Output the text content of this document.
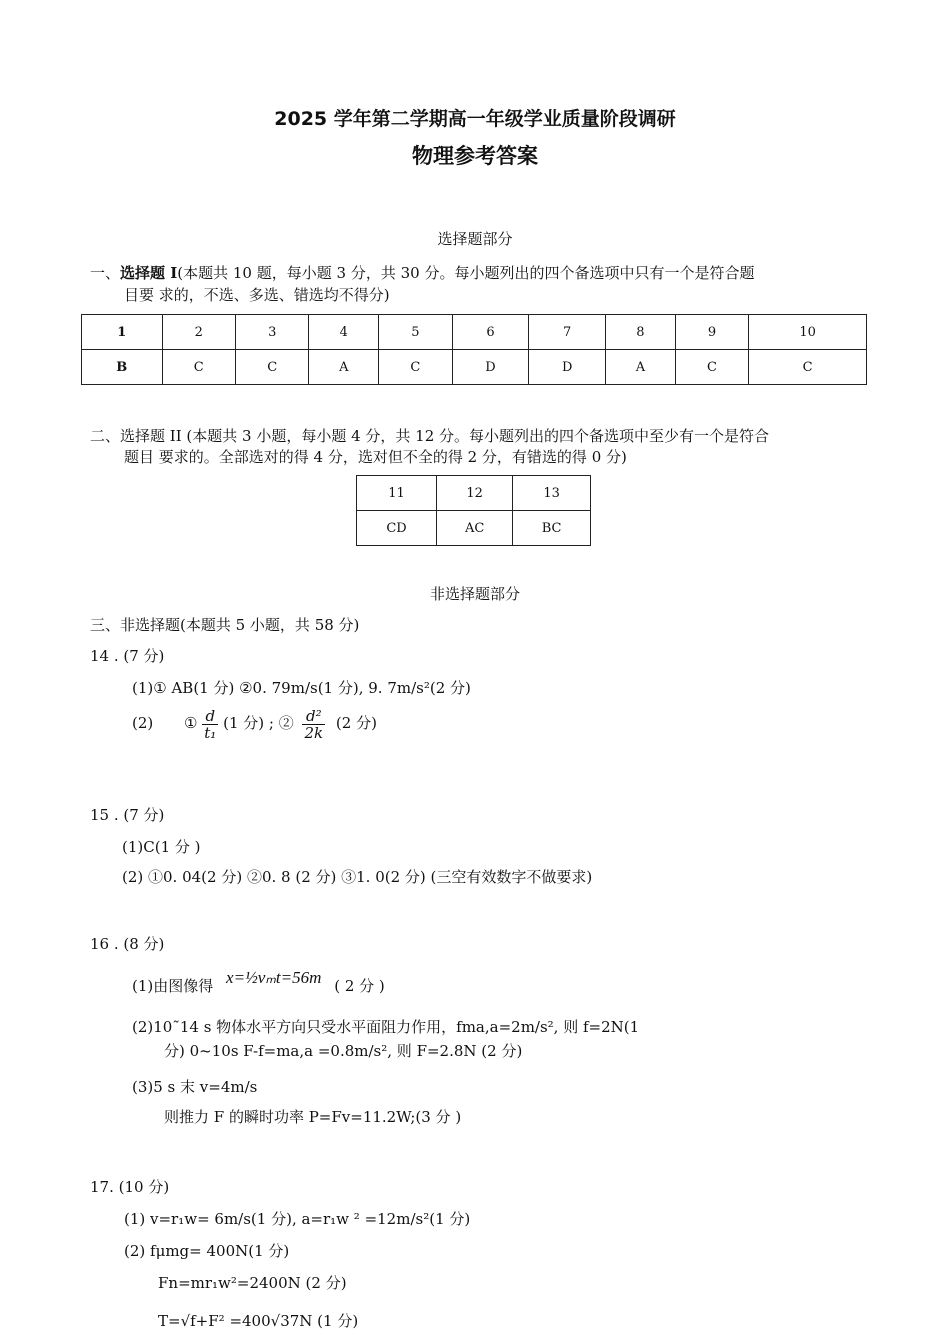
2025 学年第二学期高一年级学业质量阶段调研
物理参考答案
选择题部分
一、选择题 I(本题共 10 题，每小题 3 分，共 30 分。每小题列出的四个备选项中只有一个是符合题
目要 求的，不选、多选、错选均不得分)
1	2	3	4	5	6	7	8	9	10
B	C	C	A	C	D	D	A	C	C
二、选择题 II (本题共 3 小题，每小题 4 分，共 12 分。每小题列出的四个备选项中至少有一个是符合
题目 要求的。全部选对的得 4 分，选对但不全的得 2 分，有错选的得 0 分)
11	12	13
CD	AC	BC
非选择题部分
三、非选择题(本题共 5 小题，共 58 分)
14 . (7 分)
(1)① AB(1 分) ②0. 79m/s(1 分), 9. 7m/s²(2 分)
(2) ① $\frac{d}{\text{t₁}} (1$ 分) ; ② $\frac{\text{d²}}{2k} (2$ 分)
15 . (7 分)
(1)C(1 分 )
(2) ①0. 04(2 分) ②0. 8 (2 分) ③1. 0(2 分) (三空有效数字不做要求)
16 . (8 分)
(1)由图像得 x=½vₘt=56m ( 2 分 )
(2)10˜14 s 物体水平方向只受水平面阻力作用，fma,a=2m/s², 则 f=2N(1
分) 0~10s F-f=ma,a =0.8m/s², 则 F=2.8N (2 分)
(3)5 s 末 v=4m/s
则推力 F 的瞬时功率 P=Fv=11.2W;(3 分 )
17. (10 分)
(1) v=r₁w= 6m/s(1 分), a=r₁w ² =12m/s²(1 分)
(2) fμmg= 400N(1 分)
Fn=mr₁w²=2400N (2 分)
T=√f+F² =400√37N (1 分)
